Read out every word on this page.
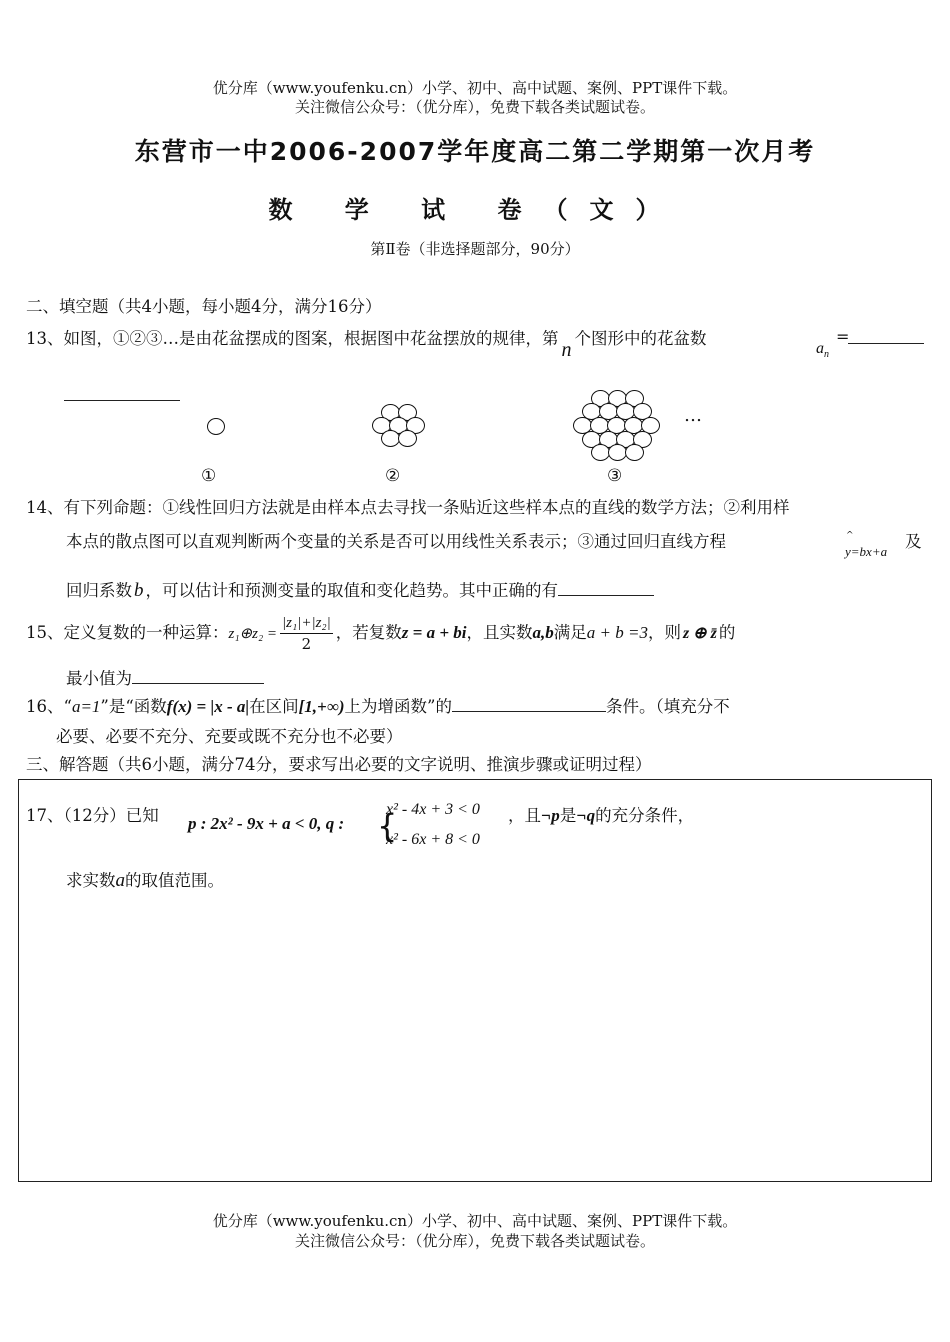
优分库（www.youfenku.cn）小学、初中、高中试题、案例、PPT课件下载。
关注微信公众号：（优分库），免费下载各类试题试卷。
东营市一中2006-2007学年度高二第二学期第一次月考
数 学 试 卷（文）
第Ⅱ卷（非选择题部分，90分）
二、填空题（共4小题，每小题4分，满分16分）
13、如图，①②③…是由花盆摆成的图案，根据图中花盆摆放的规律，第n个图形中的花盆数
$a_n$
=
…
①	②	③
14、有下列命题：①线性回归方法就是由样本点去寻找一条贴近这些样本点的直线的数学方法；②利用样
本点的散点图可以直观判断两个变量的关系是否可以用线性关系表示；③通过回归直线方程	^
y=bx+a
及
回归系数 b ，可以估计和预测变量的取值和变化趋势。其中正确的有
15、定义复数的一种运算：z₁⊕z₂ = $\frac{\text{|z₁|+|z₂|}}{2}$ ，若复数z = a + bi，且实数a,b满足a + b =3，则 z ⊕ z̄ 的
最小值为
16、“a=1”是“函数f(x) = |x - a|在区间[1,+∞)上为增函数”的	条件。（填充分不
必要、必要不充分、充要或既不充分也不必要）
三、解答题（共6小题，满分74分，要求写出必要的文字说明、推演步骤或证明过程）
17、（12分）已知 p : 2x² - 9x + a < 0, q : {
x² - 4x + 3 < 0
x² - 6x + 8 < 0
，且¬p是¬q的充分条件，
求实数a的取值范围。
优分库（www.youfenku.cn）小学、初中、高中试题、案例、PPT课件下载。
关注微信公众号：（优分库），免费下载各类试题试卷。
